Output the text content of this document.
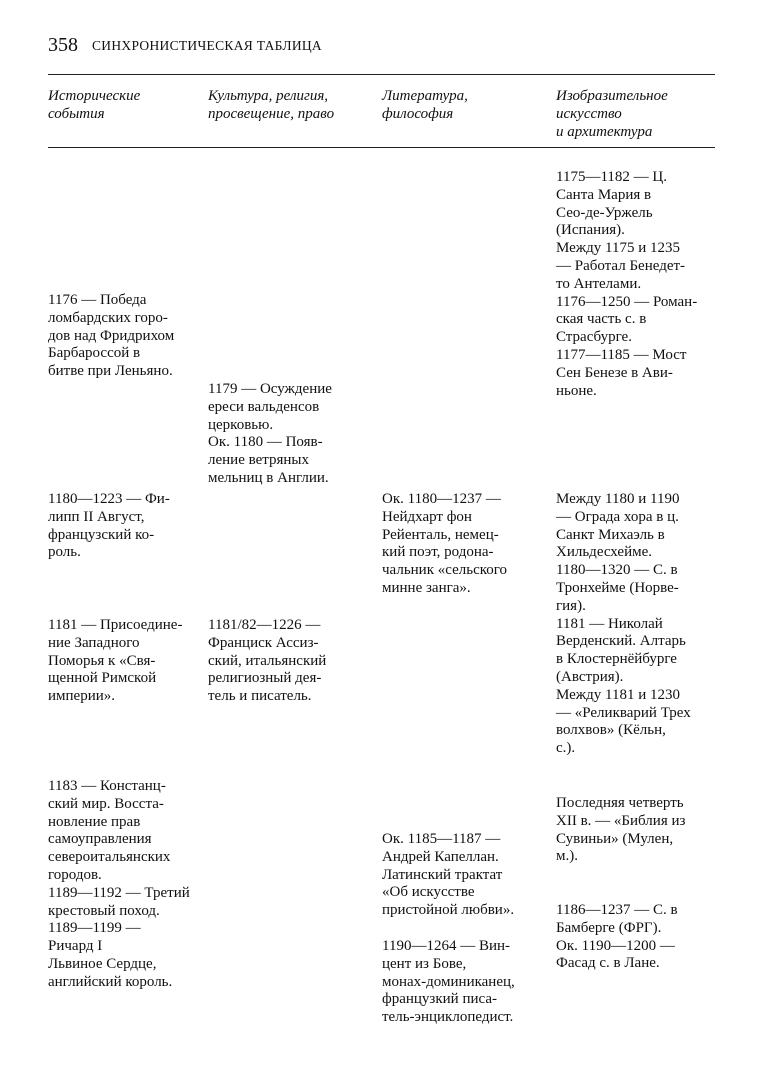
358 СИНХРОНИСТИЧЕСКАЯ ТАБЛИЦА
Исторические
события
Культура, религия,
просвещение, право
Литература,
философия
Изобразительное
искусство
и архитектура
1176 — Победа
ломбардских горо-
дов над Фридрихом
Барбароссой в
битве при Леньяно.
1180—1223 — Фи-
липп II Август,
французский ко-
роль.
1181 — Присоедине-
ние Западного
Поморья к «Свя-
щенной Римской
империи».
1183 — Констанц-
ский мир. Восста-
новление прав
самоуправления
североитальянских
городов.
1189—1192 — Третий
крестовый поход.
1189—1199 —
Ричард I
Львиное Сердце,
английский король.
1179 — Осуждение
ереси вальденсов
церковью.
Ок. 1180 — Появ-
ление ветряных
мельниц в Англии.
1181/82—1226 —
Франциск Ассиз-
ский, итальянский
религиозный дея-
тель и писатель.
Ок. 1180—1237 —
Нейдхарт фон
Рейенталь, немец-
кий поэт, родона-
чальник «сельского
минне занга».
Ок. 1185—1187 —
Андрей Капеллан.
Латинский трактат
«Об искусстве
пристойной любви».
1190—1264 — Вин-
цент из Бове,
монах-доминиканец,
французкий писа-
тель-энциклопедист.
1175—1182 — Ц.
Санта Мария в
Сео-де-Уржель
(Испания).
Между 1175 и 1235
— Работал Бенедет-
то Антелами.
1176—1250 — Роман-
ская часть с. в
Страсбурге.
1177—1185 — Мост
Сен Бенезе в Ави-
ньоне.
Между 1180 и 1190
— Ограда хора в ц.
Санкт Михаэль в
Хильдесхейме.
1180—1320 — С. в
Тронхейме (Норве-
гия).
1181 — Николай
Верденский. Алтарь
в Клостернёйбурге
(Австрия).
Между 1181 и 1230
— «Реликварий Трех
волхвов» (Кёльн,
с.).
Последняя четверть
XII в. — «Библия из
Сувиньи» (Мулен,
м.).
1186—1237 — С. в
Бамберге (ФРГ).
Ок. 1190—1200 —
Фасад с. в Лане.
